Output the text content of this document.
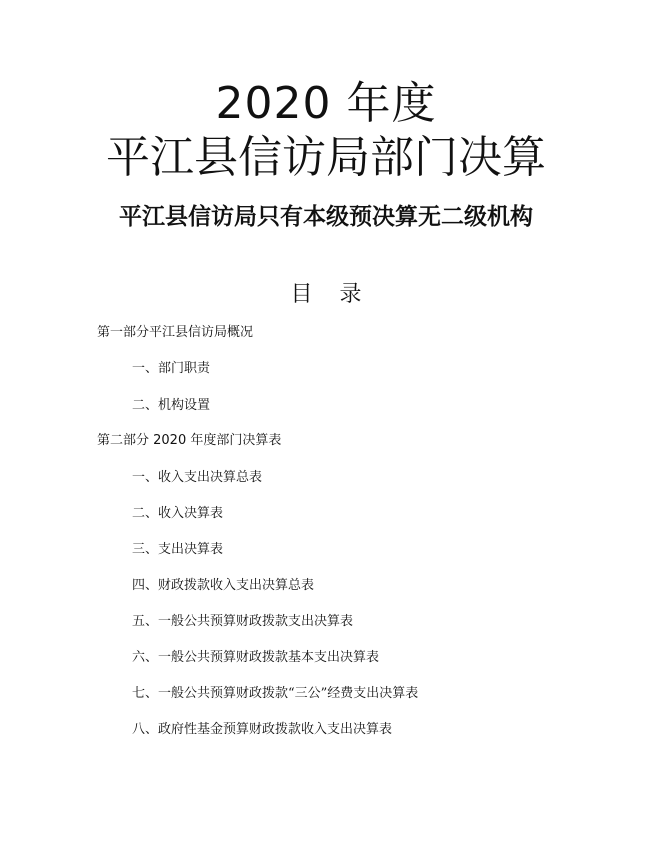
2020 年度
平江县信访局部门决算
平江县信访局只有本级预决算无二级机构
目 录
第一部分平江县信访局概况
一、部门职责
二、机构设置
第二部分 2020 年度部门决算表
一、收入支出决算总表
二、收入决算表
三、支出决算表
四、财政拨款收入支出决算总表
五、一般公共预算财政拨款支出决算表
六、一般公共预算财政拨款基本支出决算表
七、一般公共预算财政拨款“三公”经费支出决算表
八、政府性基金预算财政拨款收入支出决算表
